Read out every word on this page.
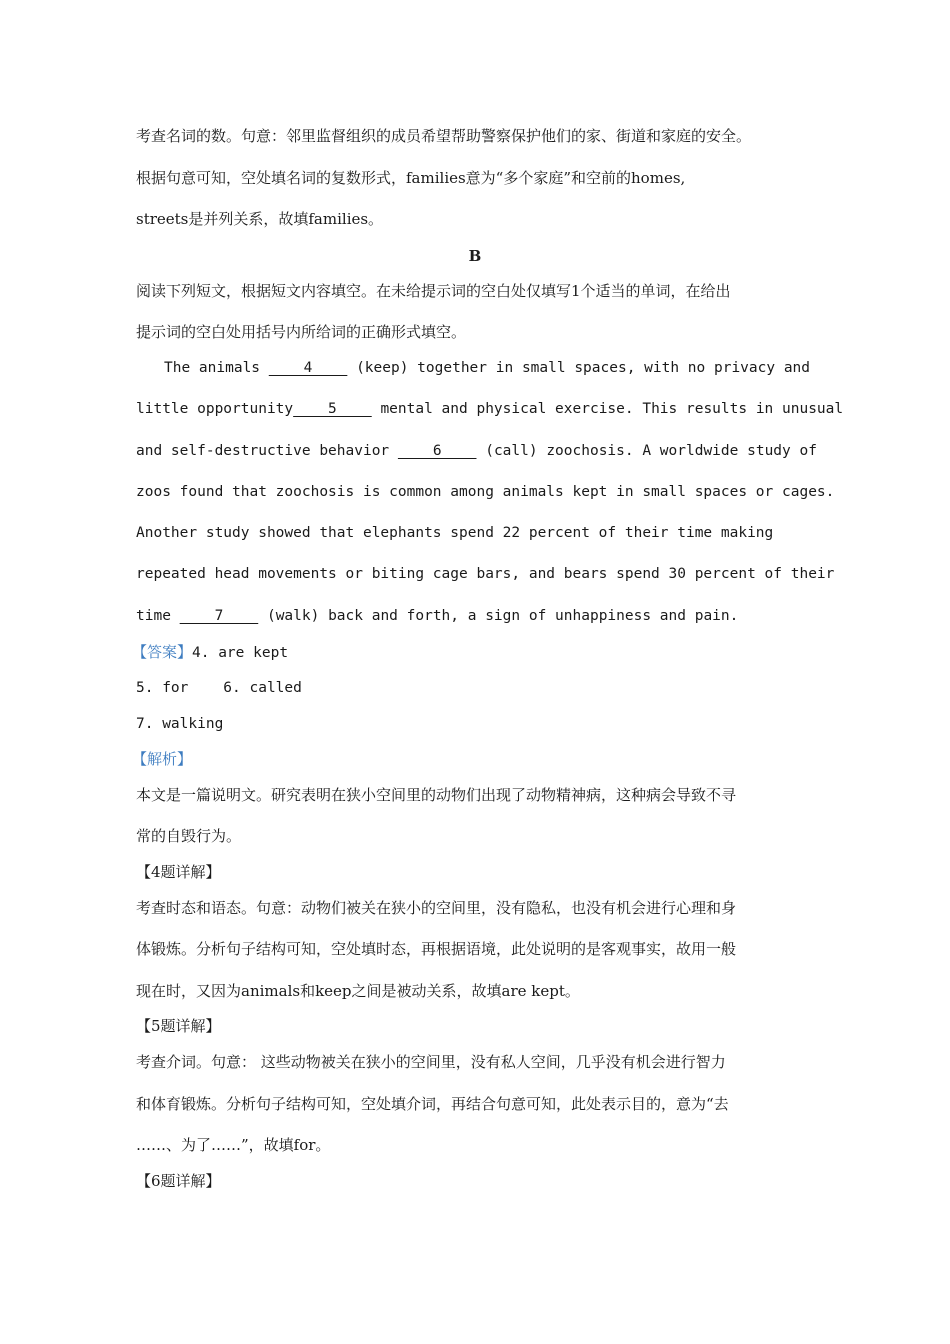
考查名词的数。句意：邻里监督组织的成员希望帮助警察保护他们的家、街道和家庭的安全。
根据句意可知，空处填名词的复数形式，families意为“多个家庭”和空前的homes,
streets是并列关系，故填families。
B
阅读下列短文，根据短文内容填空。在未给提示词的空白处仅填写1个适当的单词，在给出
提示词的空白处用括号内所给词的正确形式填空。
The animals     4     (keep) together in small spaces, with no privacy and
little opportunity    5     mental and physical exercise. This results in unusual
and self-destructive behavior     6     (call) zoochosis. A worldwide study of
zoos found that zoochosis is common among animals kept in small spaces or cages.
Another study showed that elephants spend 22 percent of their time making
repeated head movements or biting cage bars, and bears spend 30 percent of their
time     7     (walk) back and forth, a sign of unhappiness and pain.
【答案】4. are kept
5. for    6. called
7. walking
【解析】
本文是一篇说明文。研究表明在狭小空间里的动物们出现了动物精神病，这种病会导致不寻
常的自毁行为。
【4题详解】
考查时态和语态。句意：动物们被关在狭小的空间里，没有隐私，也没有机会进行心理和身
体锻炼。分析句子结构可知，空处填时态，再根据语境，此处说明的是客观事实，故用一般
现在时，又因为animals和keep之间是被动关系，故填are kept。
【5题详解】
考查介词。句意： 这些动物被关在狭小的空间里，没有私人空间，几乎没有机会进行智力
和体育锻炼。分析句子结构可知，空处填介词，再结合句意可知，此处表示目的，意为“去
……、为了……”，故填for。
【6题详解】
